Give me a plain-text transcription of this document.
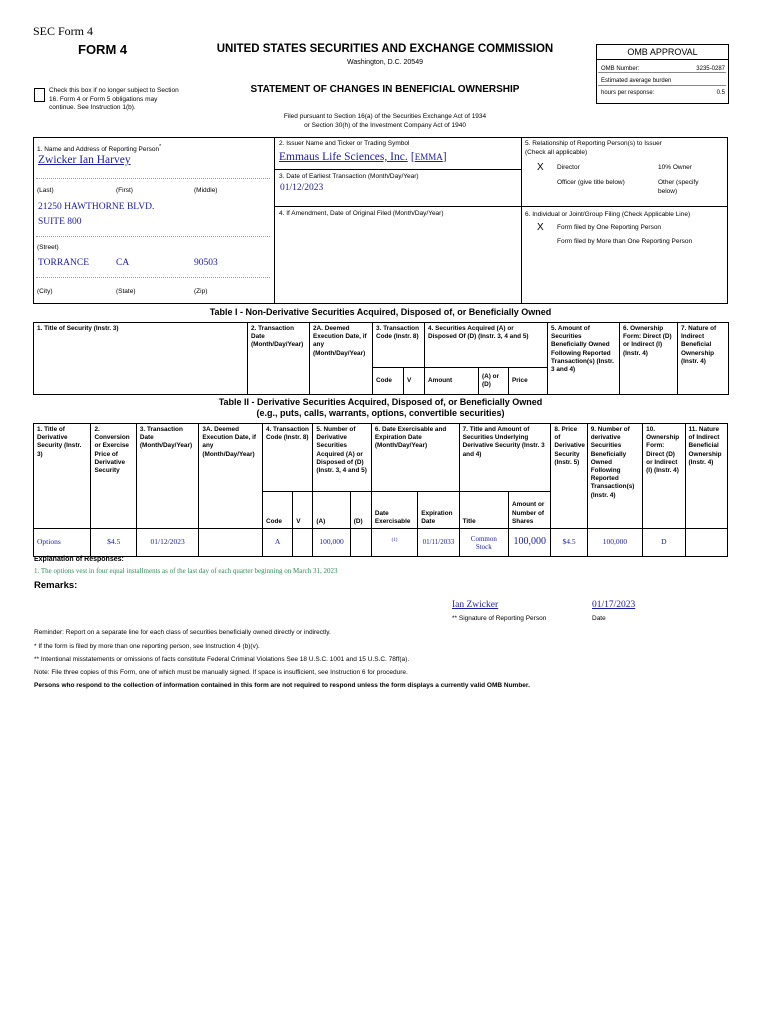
SEC Form 4
FORM 4	UNITED STATES SECURITIES AND EXCHANGE COMMISSION
Washington, D.C. 20549
Check this box if no longer subject to Section 16. Form 4 or Form 5 obligations may continue. See Instruction 1(b).
STATEMENT OF CHANGES IN BENEFICIAL OWNERSHIP
OMB APPROVAL
OMB Number:	3235-0287
Estimated average burden
hours per response:	0.5
Filed pursuant to Section 16(a) of the Securities Exchange Act of 1934
or Section 30(h) of the Investment Company Act of 1940
1. Name and Address of Reporting Person*
Zwicker Ian Harvey
(Last)	(First)	(Middle)
21250 HAWTHORNE BLVD.
SUITE 800
(Street)
TORRANCE	CA	90503
(City)	(State)	(Zip)
2. Issuer Name and Ticker or Trading Symbol
Emmaus Life Sciences, Inc. [EMMA]
3. Date of Earliest Transaction (Month/Day/Year)
01/12/2023
4. If Amendment, Date of Original Filed (Month/Day/Year)
5. Relationship of Reporting Person(s) to Issuer
(Check all applicable)
X Director	10% Owner
Officer (give title below)	Other (specify below)
6. Individual or Joint/Group Filing (Check Applicable Line)
X Form filed by One Reporting Person
Form filed by More than One Reporting Person
Table I - Non-Derivative Securities Acquired, Disposed of, or Beneficially Owned
1. Title of Security (Instr. 3)	2. Transaction Date (Month/Day/Year)	2A. Deemed Execution Date, if any (Month/Day/Year)	3. Transaction Code (Instr. 8)		4. Securities Acquired (A) or Disposed Of (D) (Instr. 3, 4 and 5)			5. Amount of Securities Beneficially Owned Following Reported Transaction(s) (Instr. 3 and 4)	6. Ownership Form: Direct (D) or Indirect (I) (Instr. 4)	7. Nature of Indirect Beneficial Ownership (Instr. 4)
			Code	V	Amount	(A) or (D)	Price			
Table II - Derivative Securities Acquired, Disposed of, or Beneficially Owned
(e.g., puts, calls, warrants, options, convertible securities)
1. Title of Derivative Security (Instr. 3)	2. Conversion or Exercise Price of Derivative Security	3. Transaction Date (Month/Day/Year)	3A. Deemed Execution Date, if any (Month/Day/Year)	4. Transaction Code (Instr. 8)		5. Number of Derivative Securities Acquired (A) or Disposed of (D) (Instr. 3, 4 and 5)		6. Date Exercisable and Expiration Date (Month/Day/Year)		7. Title and Amount of Securities Underlying Derivative Security (Instr. 3 and 4)		8. Price of Derivative Security (Instr. 5)	9. Number of derivative Securities Beneficially Owned Following Reported Transaction(s) (Instr. 4)	10. Ownership Form: Direct (D) or Indirect (I) (Instr. 4)	11. Nature of Indirect Beneficial Ownership (Instr. 4)
				Code	V	(A)	(D)	Date Exercisable	Expiration Date	Title	Amount or Number of Shares				
Options	$4.5	01/12/2023		A		100,000		$^{(1)}$	01/11/2033	Common Stock	100,000	$4.5	100,000	D	
Explanation of Responses:
1. The options vest in four equal installments as of the last day of each quarter beginning on March 31, 2023
Remarks:
Ian Zwicker	01/17/2023
** Signature of Reporting Person	Date
Reminder: Report on a separate line for each class of securities beneficially owned directly or indirectly.
* If the form is filed by more than one reporting person, see Instruction 4 (b)(v).
** Intentional misstatements or omissions of facts constitute Federal Criminal Violations See 18 U.S.C. 1001 and 15 U.S.C. 78ff(a).
Note: File three copies of this Form, one of which must be manually signed. If space is insufficient, see Instruction 6 for procedure.
Persons who respond to the collection of information contained in this form are not required to respond unless the form displays a currently valid OMB Number.
